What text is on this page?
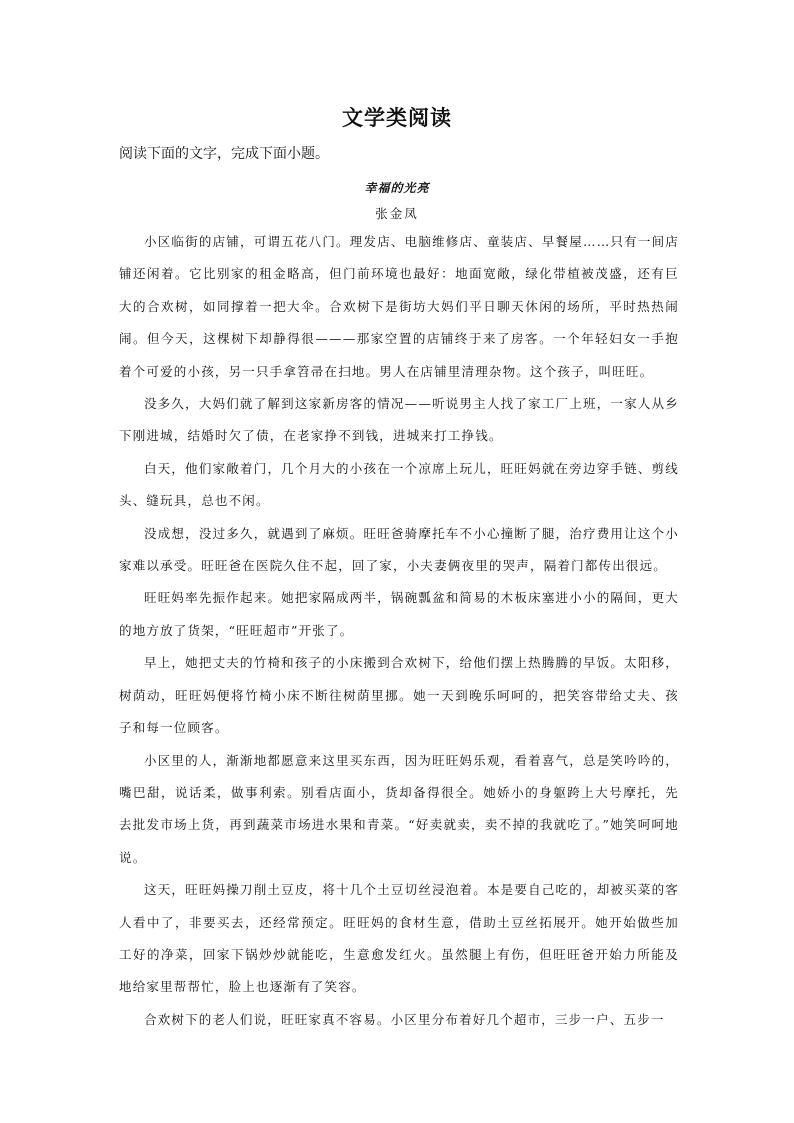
文学类阅读
阅读下面的文字，完成下面小题。
幸福的光亮
张金凤

小区临街的店铺，可谓五花八门。理发店、电脑维修店、童装店、早餐屋……只有一间店铺还闲着。它比别家的租金略高，但门前环境也最好：地面宽敞，绿化带植被茂盛，还有巨大的合欢树，如同撑着一把大伞。合欢树下是街坊大妈们平日聊天休闲的场所，平时热热闹闹。但今天，这棵树下却静得很———那家空置的店铺终于来了房客。一个年轻妇女一手抱着个可爱的小孩，另一只手拿笤帚在扫地。男人在店铺里清理杂物。这个孩子，叫旺旺。

没多久，大妈们就了解到这家新房客的情况——听说男主人找了家工厂上班，一家人从乡下刚进城，结婚时欠了债，在老家挣不到钱，进城来打工挣钱。

白天，他们家敞着门，几个月大的小孩在一个凉席上玩儿，旺旺妈就在旁边穿手链、剪线头、缝玩具，总也不闲。

没成想，没过多久，就遇到了麻烦。旺旺爸骑摩托车不小心撞断了腿，治疗费用让这个小家难以承受。旺旺爸在医院久住不起，回了家，小夫妻俩夜里的哭声，隔着门都传出很远。

旺旺妈率先振作起来。她把家隔成两半，锅碗瓢盆和简易的木板床塞进小小的隔间，更大的地方放了货架，“旺旺超市”开张了。

早上，她把丈夫的竹椅和孩子的小床搬到合欢树下，给他们摆上热腾腾的早饭。太阳移，树荫动，旺旺妈便将竹椅小床不断往树荫里挪。她一天到晚乐呵呵的，把笑容带给丈夫、孩子和每一位顾客。

小区里的人，渐渐地都愿意来这里买东西，因为旺旺妈乐观，看着喜气，总是笑吟吟的，嘴巴甜，说话柔，做事利索。别看店面小，货却备得很全。她娇小的身躯跨上大号摩托，先去批发市场上货，再到蔬菜市场进水果和青菜。“好卖就卖，卖不掉的我就吃了。”她笑呵呵地说。

这天，旺旺妈操刀削土豆皮，将十几个土豆切丝浸泡着。本是要自己吃的，却被买菜的客人看中了，非要买去，还经常预定。旺旺妈的食材生意，借助土豆丝拓展开。她开始做些加工好的净菜，回家下锅炒炒就能吃，生意愈发红火。虽然腿上有伤，但旺旺爸开始力所能及地给家里帮帮忙，脸上也逐渐有了笑容。

合欢树下的老人们说，旺旺家真不容易。小区里分布着好几个超市，三步一户、五步一
